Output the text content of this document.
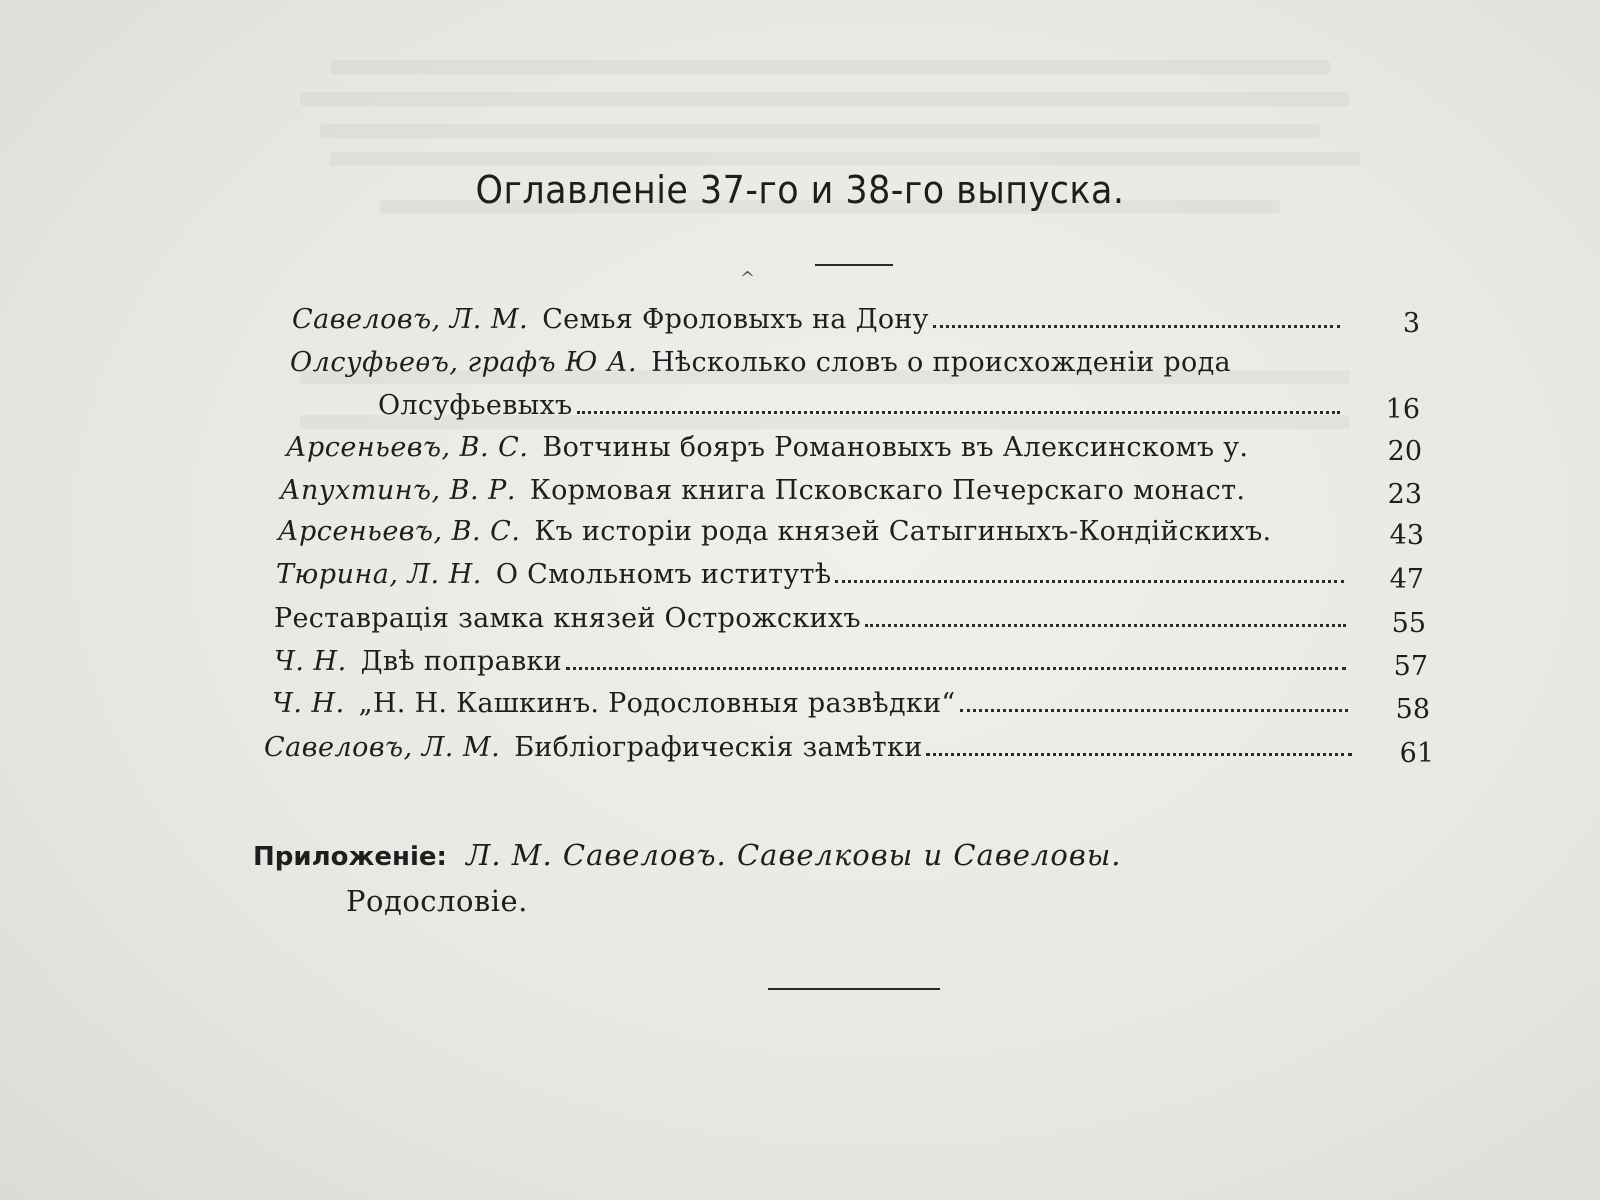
Оглавленіе 37-го и 38-го выпуска.
^
Савеловъ, Л. М. Семья Фроловыхъ на Дону	3
Олсуфьеѳъ, графъ Ю А. Нѣсколько словъ о происхожденіи рода
Олсуфьевыхъ	16
Арсеньевъ, В. С. Вотчины бояръ Романовыхъ въ Алексинскомъ у.	20
Апухтинъ, В. Р. Кормовая книга Псковскаго Печерскаго монаст.	23
Арсеньевъ, В. С. Къ исторіи рода князей Сатыгиныхъ-Кондійскихъ.	43
Тюрина, Л. Н. О Смольномъ иститутѣ	47
Реставрація замка князей Острожскихъ	55
Ч. Н. Двѣ поправки	57
Ч. Н. „Н. Н. Кашкинъ. Родословныя развѣдки“	58
Савеловъ, Л. М. Библіографическія замѣтки	61
Приложеніе: Л. М. Савеловъ. Савелковы и Савеловы.
Родословіе.
